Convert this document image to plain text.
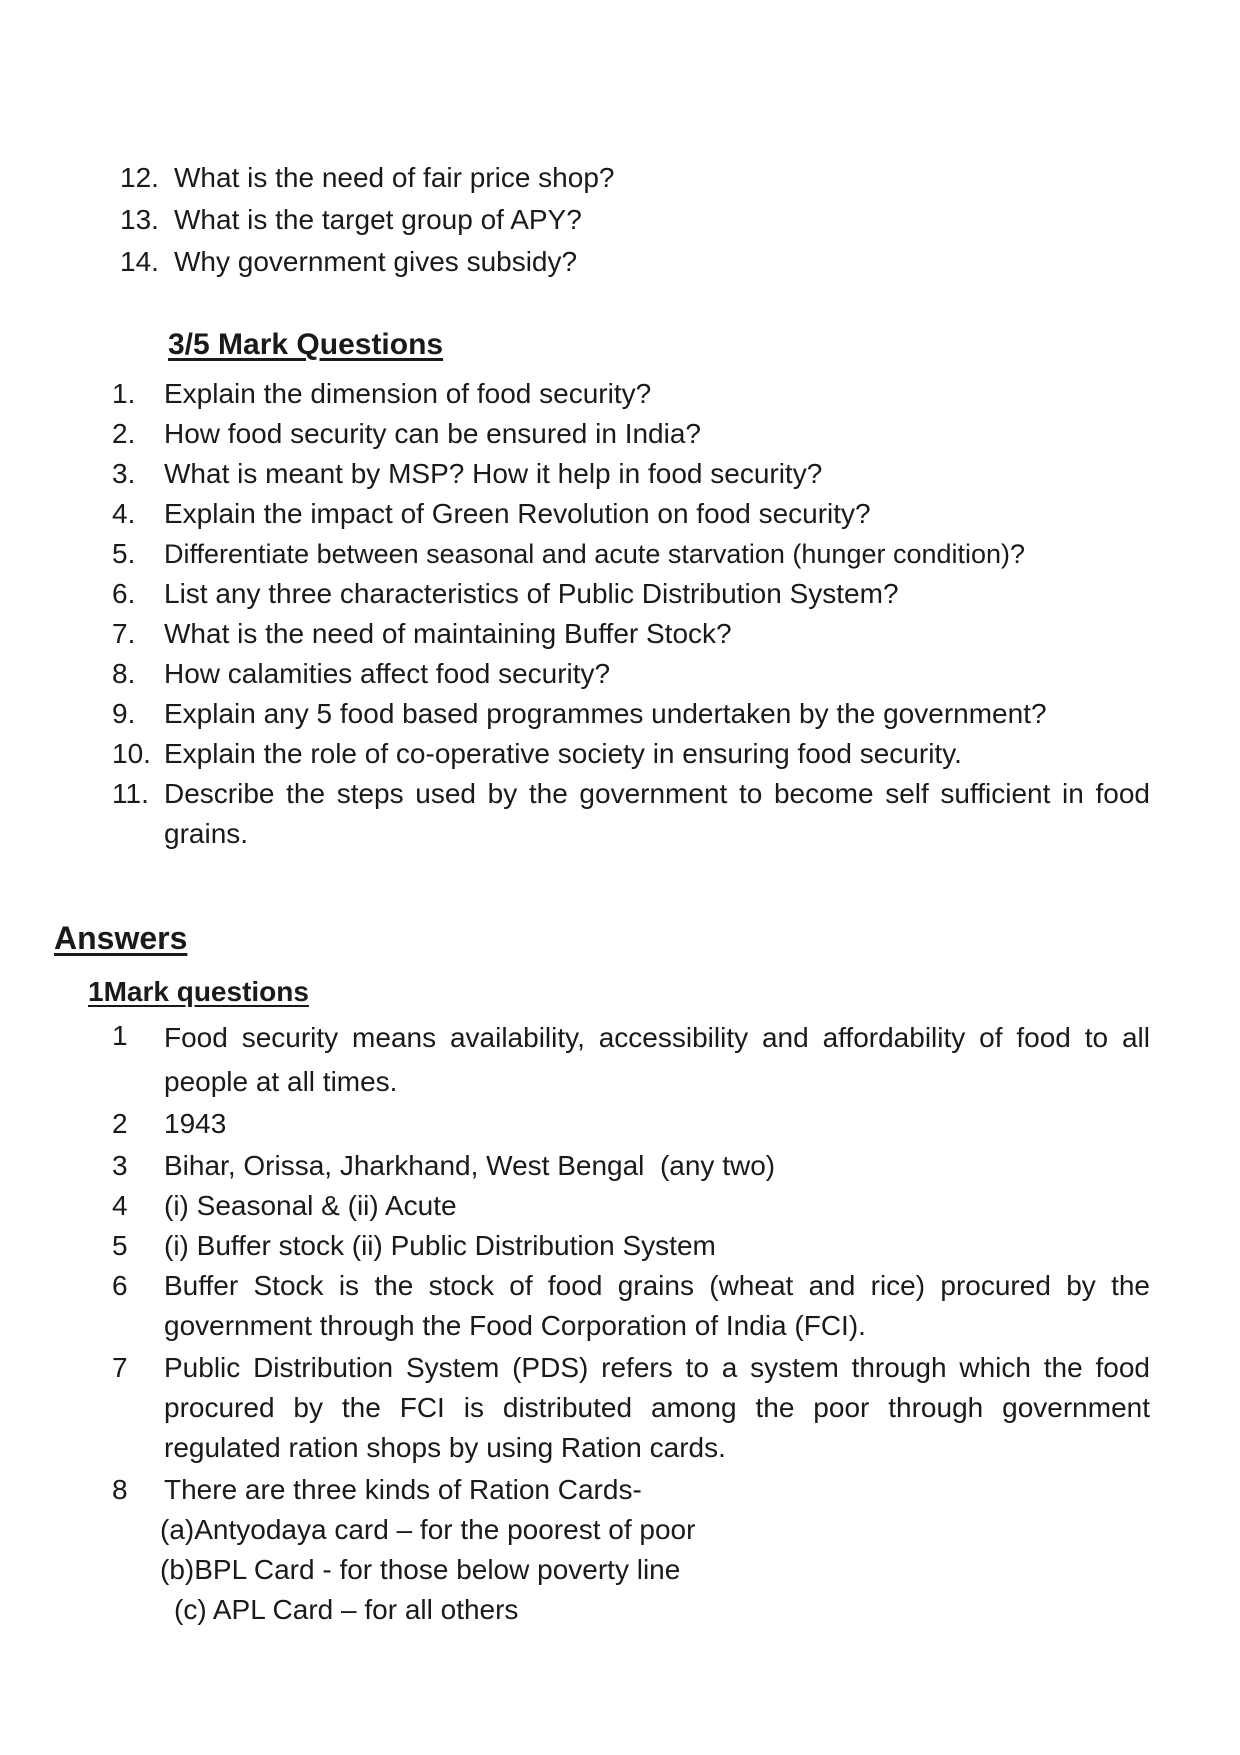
12. What is the need of fair price shop?
13. What is the target group of APY?
14. Why government gives subsidy?
3/5 Mark Questions
1. Explain the dimension of food security?
2. How food security can be ensured in India?
3. What is meant by MSP? How it help in food security?
4. Explain the impact of Green Revolution on food security?
5. Differentiate between seasonal and acute starvation (hunger condition)?
6. List any three characteristics of Public Distribution System?
7. What is the need of maintaining Buffer Stock?
8. How calamities affect food security?
9. Explain any 5 food based programmes undertaken by the government?
10. Explain the role of co-operative society in ensuring food security.
11. Describe the steps used by the government to become self sufficient in food grains.
Answers
1Mark questions
1 Food security means availability, accessibility and affordability of food to all people at all times.
2 1943
3 Bihar, Orissa, Jharkhand, West Bengal  (any two)
4 (i) Seasonal & (ii) Acute
5 (i) Buffer stock (ii) Public Distribution System
6 Buffer Stock is the stock of food grains (wheat and rice) procured by the government through the Food Corporation of India (FCI).
7 Public Distribution System (PDS) refers to a system through which the food procured by the FCI is distributed among the poor through government regulated ration shops by using Ration cards.
8 There are three kinds of Ration Cards-
(a)Antyodaya card – for the poorest of poor
(b)BPL Card - for those below poverty line
(c) APL Card – for all others
